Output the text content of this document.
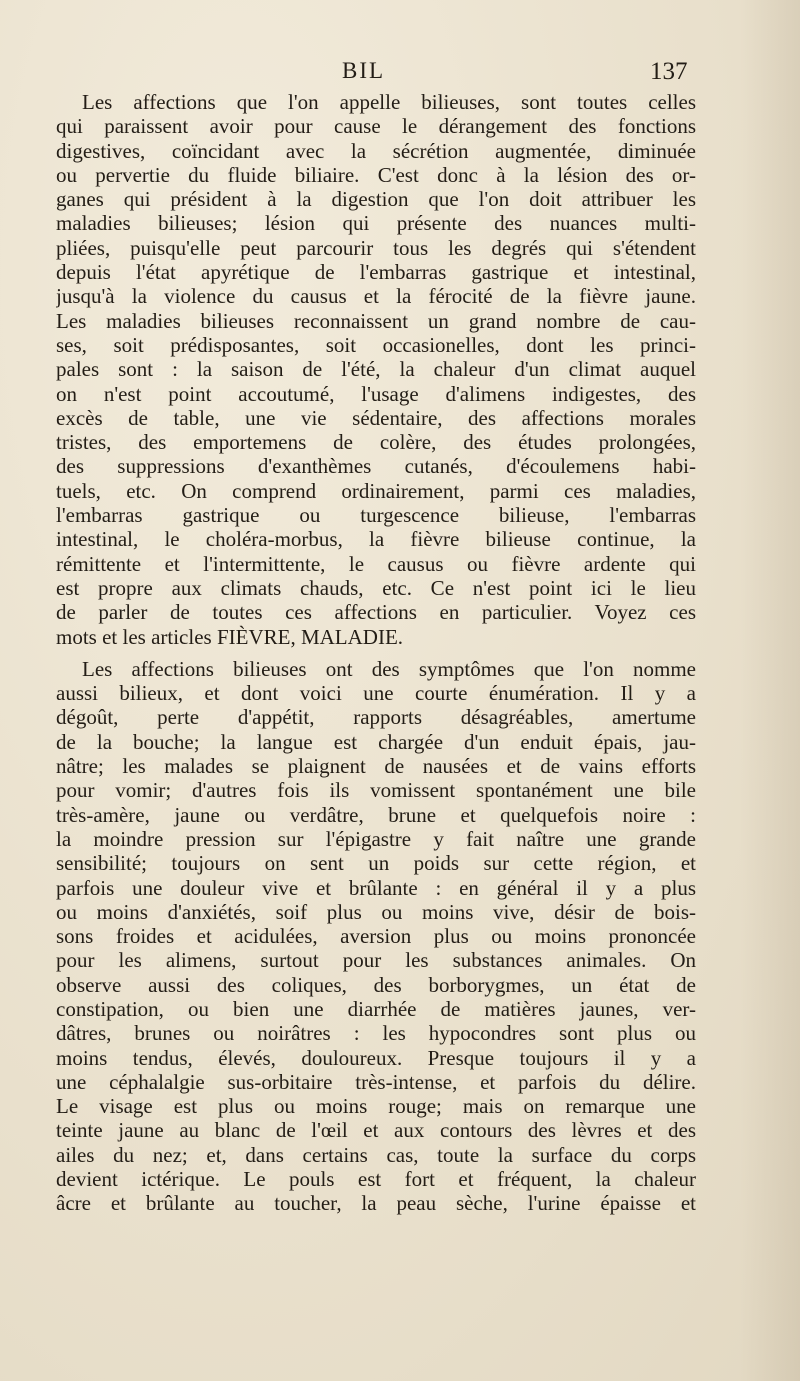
BIL	137
Les affections que l'on appelle bilieuses, sont toutes celles
qui paraissent avoir pour cause le dérangement des fonctions
digestives, coïncidant avec la sécrétion augmentée, diminuée
ou pervertie du fluide biliaire. C'est donc à la lésion des or-
ganes qui président à la digestion que l'on doit attribuer les
maladies bilieuses; lésion qui présente des nuances multi-
pliées, puisqu'elle peut parcourir tous les degrés qui s'étendent
depuis l'état apyrétique de l'embarras gastrique et intestinal,
jusqu'à la violence du causus et la férocité de la fièvre jaune.
Les maladies bilieuses reconnaissent un grand nombre de cau-
ses, soit prédisposantes, soit occasionelles, dont les princi-
pales sont : la saison de l'été, la chaleur d'un climat auquel
on n'est point accoutumé, l'usage d'alimens indigestes, des
excès de table, une vie sédentaire, des affections morales
tristes, des emportemens de colère, des études prolongées,
des suppressions d'exanthèmes cutanés, d'écoulemens habi-
tuels, etc. On comprend ordinairement, parmi ces maladies,
l'embarras gastrique ou turgescence bilieuse, l'embarras
intestinal, le choléra-morbus, la fièvre bilieuse continue, la
rémittente et l'intermittente, le causus ou fièvre ardente qui
est propre aux climats chauds, etc. Ce n'est point ici le lieu
de parler de toutes ces affections en particulier. Voyez ces
mots et les articles FIÈVRE, MALADIE.
Les affections bilieuses ont des symptômes que l'on nomme
aussi bilieux, et dont voici une courte énumération. Il y a
dégoût, perte d'appétit, rapports désagréables, amertume
de la bouche; la langue est chargée d'un enduit épais, jau-
nâtre; les malades se plaignent de nausées et de vains efforts
pour vomir; d'autres fois ils vomissent spontanément une bile
très-amère, jaune ou verdâtre, brune et quelquefois noire :
la moindre pression sur l'épigastre y fait naître une grande
sensibilité; toujours on sent un poids sur cette région, et
parfois une douleur vive et brûlante : en général il y a plus
ou moins d'anxiétés, soif plus ou moins vive, désir de bois-
sons froides et acidulées, aversion plus ou moins prononcée
pour les alimens, surtout pour les substances animales. On
observe aussi des coliques, des borborygmes, un état de
constipation, ou bien une diarrhée de matières jaunes, ver-
dâtres, brunes ou noirâtres : les hypocondres sont plus ou
moins tendus, élevés, douloureux. Presque toujours il y a
une céphalalgie sus-orbitaire très-intense, et parfois du délire.
Le visage est plus ou moins rouge; mais on remarque une
teinte jaune au blanc de l'œil et aux contours des lèvres et des
ailes du nez; et, dans certains cas, toute la surface du corps
devient ictérique. Le pouls est fort et fréquent, la chaleur
âcre et brûlante au toucher, la peau sèche, l'urine épaisse et
